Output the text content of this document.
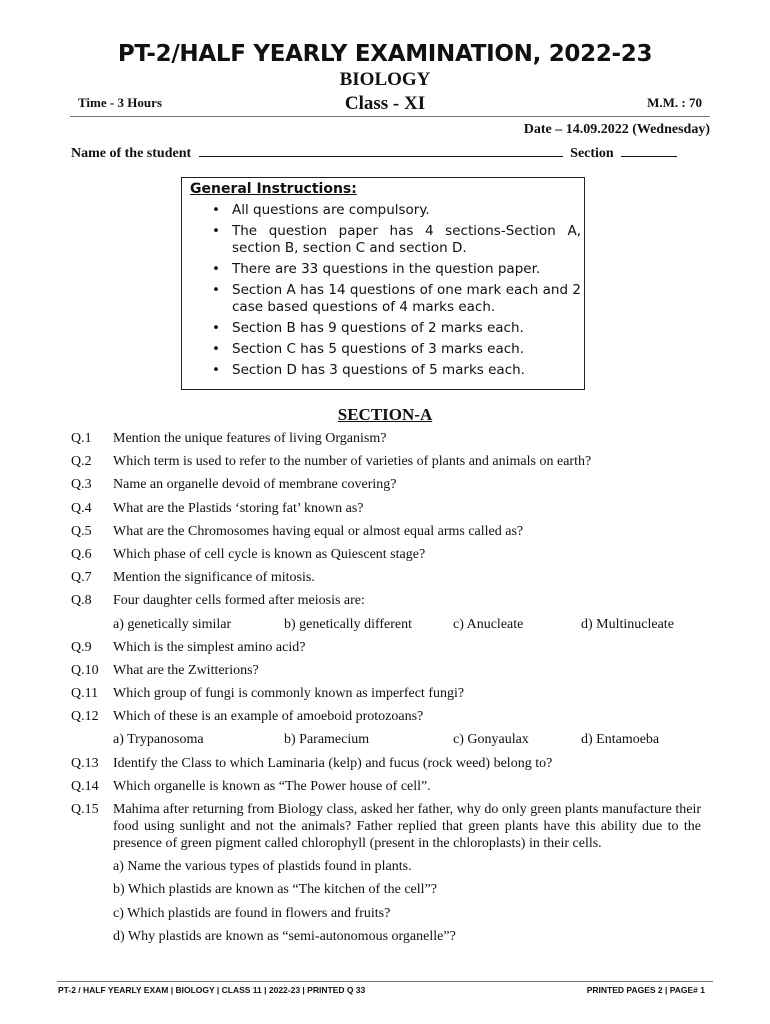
PT-2/HALF YEARLY EXAMINATION, 2022-23
BIOLOGY
Class - XI
Time - 3 Hours	M.M. : 70
Date – 14.09.2022 (Wednesday)
Name of the student	Section
General Instructions:
• All questions are compulsory.
• The question paper has 4 sections-Section A, section B, section C and section D.
• There are 33 questions in the question paper.
• Section A has 14 questions of one mark each and 2 case based questions of 4 marks each.
• Section B has 9 questions of 2 marks each.
• Section C has 5 questions of 3 marks each.
• Section D has 3 questions of 5 marks each.
SECTION-A
Q.1	Mention the unique features of living Organism?
Q.2	Which term is used to refer to the number of varieties of plants and animals on earth?
Q.3	Name an organelle devoid of membrane covering?
Q.4	What are the Plastids ‘storing fat’ known as?
Q.5	What are the Chromosomes having equal or almost equal arms called as?
Q.6	Which phase of cell cycle is known as Quiescent stage?
Q.7	Mention the significance of mitosis.
Q.8	Four daughter cells formed after meiosis are:
a) genetically similar	b) genetically different	c) Anucleate	d) Multinucleate
Q.9	Which is the simplest amino acid?
Q.10	What are the Zwitterions?
Q.11	Which group of fungi is commonly known as imperfect fungi?
Q.12	Which of these is an example of amoeboid protozoans?
a) Trypanosoma	b) Paramecium	c) Gonyaulax	d) Entamoeba
Q.13	Identify the Class to which Laminaria (kelp) and fucus (rock weed) belong to?
Q.14	Which organelle is known as “The Power house of cell”.
Q.15	Mahima after returning from Biology class, asked her father, why do only green plants manufacture their food using sunlight and not the animals? Father replied that green plants have this ability due to the presence of green pigment called chlorophyll (present in the chloroplasts) in their cells.
a) Name the various types of plastids found in plants.
b) Which plastids are known as “The kitchen of the cell”?
c) Which plastids are found in flowers and fruits?
d) Why plastids are known as “semi-autonomous organelle”?
PT-2 / HALF YEARLY EXAM | BIOLOGY | CLASS 11 | 2022-23 | PRINTED Q 33	PRINTED PAGES 2 | PAGE# 1
